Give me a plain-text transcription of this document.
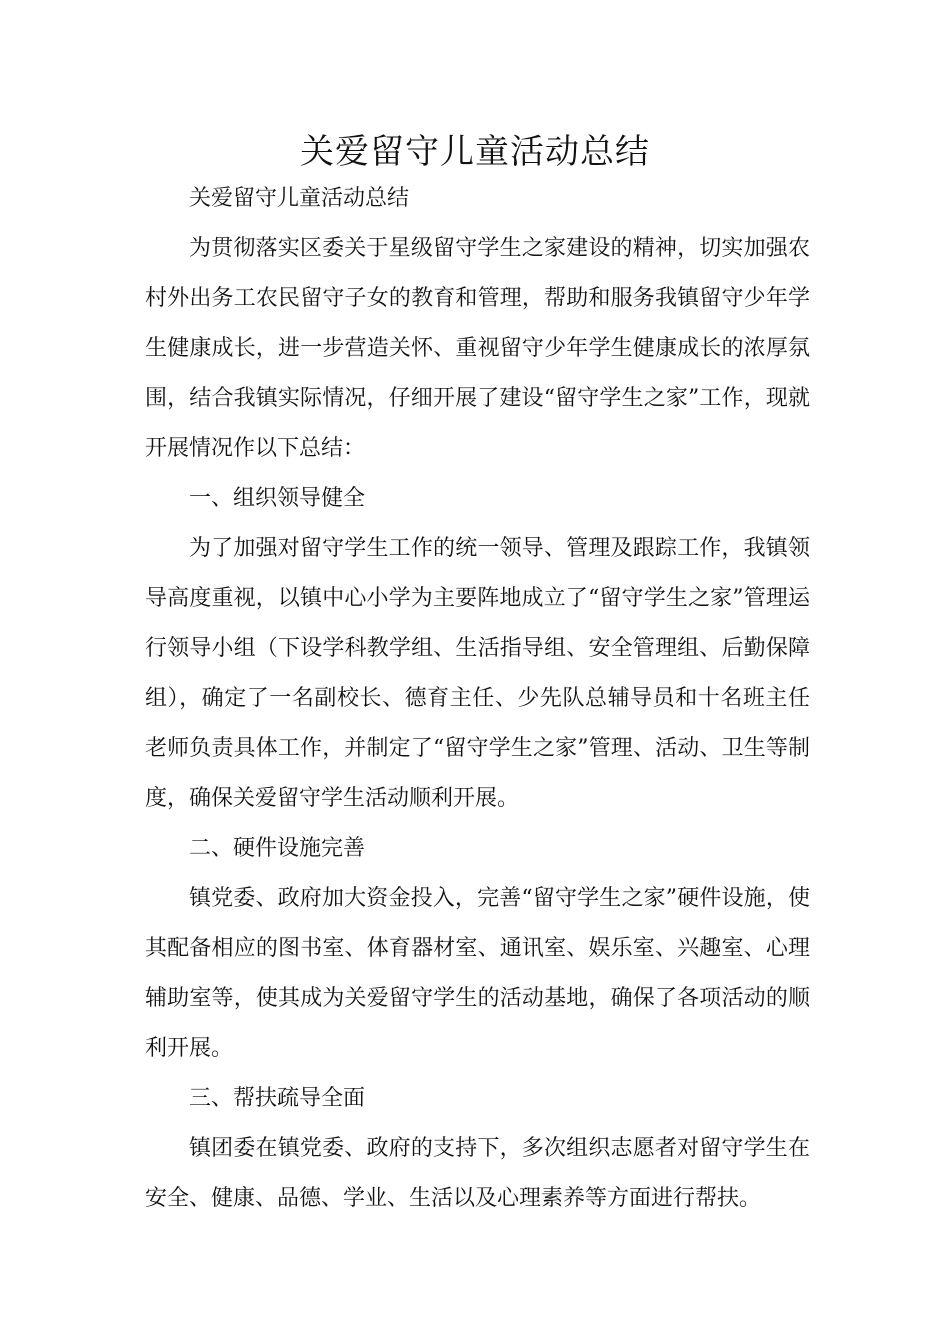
关爱留守儿童活动总结

关爱留守儿童活动总结

为贯彻落实区委关于星级留守学生之家建设的精神，切实加强农村外出务工农民留守子女的教育和管理，帮助和服务我镇留守少年学生健康成长，进一步营造关怀、重视留守少年学生健康成长的浓厚氛围，结合我镇实际情况，仔细开展了建设“留守学生之家”工作，现就开展情况作以下总结：

一、组织领导健全

为了加强对留守学生工作的统一领导、管理及跟踪工作，我镇领导高度重视，以镇中心小学为主要阵地成立了“留守学生之家”管理运行领导小组（下设学科教学组、生活指导组、安全管理组、后勤保障组），确定了一名副校长、德育主任、少先队总辅导员和十名班主任老师负责具体工作，并制定了“留守学生之家”管理、活动、卫生等制度，确保关爱留守学生活动顺利开展。

二、硬件设施完善

镇党委、政府加大资金投入，完善“留守学生之家”硬件设施，使其配备相应的图书室、体育器材室、通讯室、娱乐室、兴趣室、心理辅助室等，使其成为关爱留守学生的活动基地，确保了各项活动的顺利开展。

三、帮扶疏导全面

镇团委在镇党委、政府的支持下，多次组织志愿者对留守学生在安全、健康、品德、学业、生活以及心理素养等方面进行帮扶。
